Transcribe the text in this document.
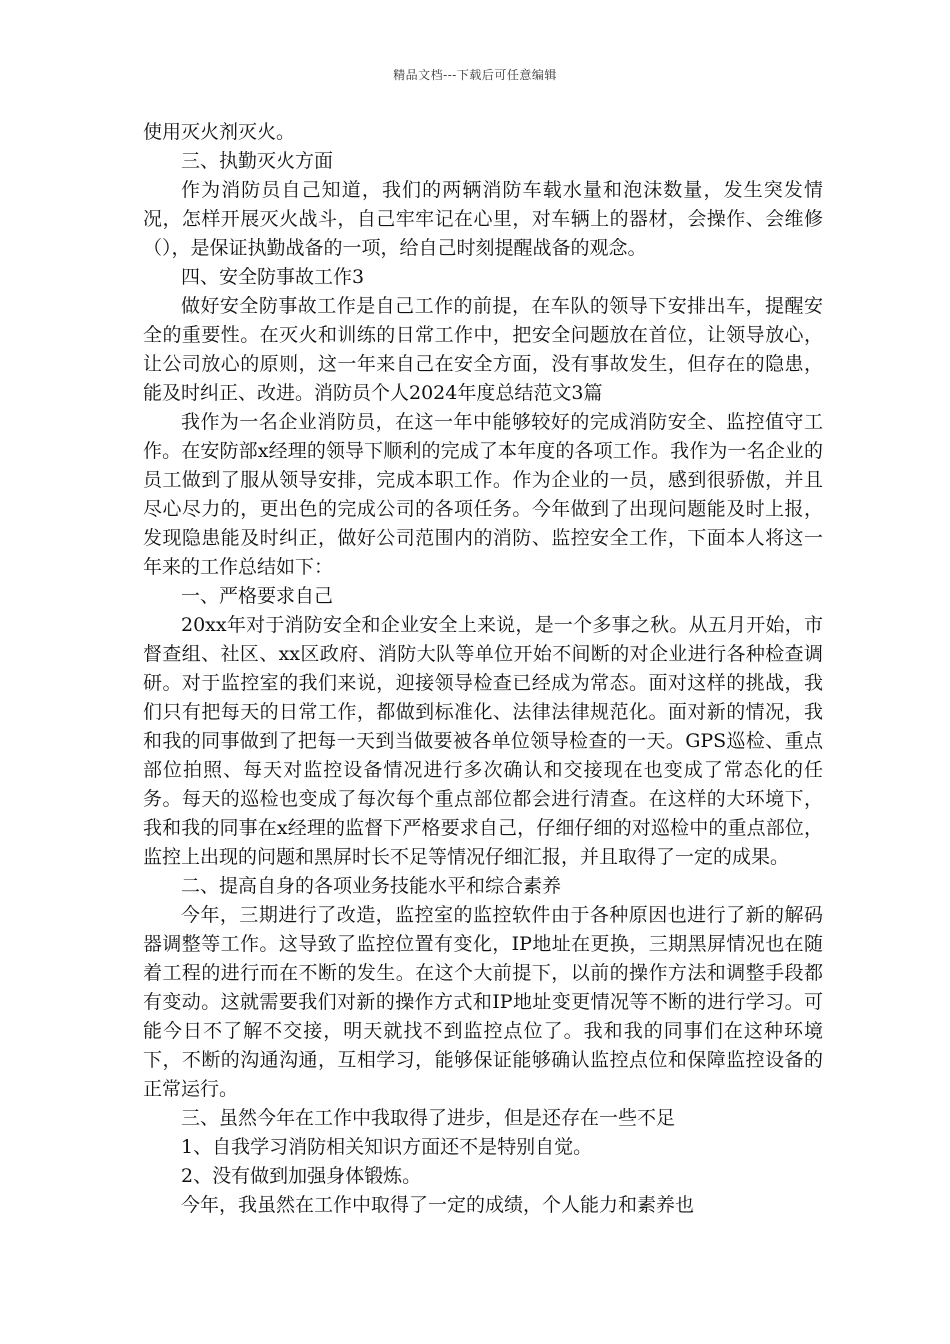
精品文档---下载后可任意编辑

使用灭火剂灭火。

三、执勤灭火方面

作为消防员自己知道，我们的两辆消防车载水量和泡沫数量，发生突发情况，怎样开展灭火战斗，自己牢牢记在心里，对车辆上的器材，会操作、会维修（），是保证执勤战备的一项，给自己时刻提醒战备的观念。

四、安全防事故工作3

做好安全防事故工作是自己工作的前提，在车队的领导下安排出车，提醒安全的重要性。在灭火和训练的日常工作中，把安全问题放在首位，让领导放心，让公司放心的原则，这一年来自己在安全方面，没有事故发生，但存在的隐患，能及时纠正、改进。消防员个人2024年度总结范文3篇

我作为一名企业消防员，在这一年中能够较好的完成消防安全、监控值守工作。在安防部x经理的领导下顺利的完成了本年度的各项工作。我作为一名企业的员工做到了服从领导安排，完成本职工作。作为企业的一员，感到很骄傲，并且尽心尽力的，更出色的完成公司的各项任务。今年做到了出现问题能及时上报，发现隐患能及时纠正，做好公司范围内的消防、监控安全工作，下面本人将这一年来的工作总结如下：

一、严格要求自己

20xx年对于消防安全和企业安全上来说，是一个多事之秋。从五月开始，市督查组、社区、xx区政府、消防大队等单位开始不间断的对企业进行各种检查调研。对于监控室的我们来说，迎接领导检查已经成为常态。面对这样的挑战，我们只有把每天的日常工作，都做到标准化、法律法律规范化。面对新的情况，我和我的同事做到了把每一天到当做要被各单位领导检查的一天。GPS巡检、重点部位拍照、每天对监控设备情况进行多次确认和交接现在也变成了常态化的任务。每天的巡检也变成了每次每个重点部位都会进行清查。在这样的大环境下，我和我的同事在x经理的监督下严格要求自己，仔细仔细的对巡检中的重点部位，监控上出现的问题和黑屏时长不足等情况仔细汇报，并且取得了一定的成果。

二、提高自身的各项业务技能水平和综合素养

今年，三期进行了改造，监控室的监控软件由于各种原因也进行了新的解码器调整等工作。这导致了监控位置有变化，IP地址在更换，三期黑屏情况也在随着工程的进行而在不断的发生。在这个大前提下，以前的操作方法和调整手段都有变动。这就需要我们对新的操作方式和IP地址变更情况等不断的进行学习。可能今日不了解不交接，明天就找不到监控点位了。我和我的同事们在这种环境下，不断的沟通沟通，互相学习，能够保证能够确认监控点位和保障监控设备的正常运行。

三、虽然今年在工作中我取得了进步，但是还存在一些不足

1、自我学习消防相关知识方面还不是特别自觉。

2、没有做到加强身体锻炼。

今年，我虽然在工作中取得了一定的成绩，个人能力和素养也
